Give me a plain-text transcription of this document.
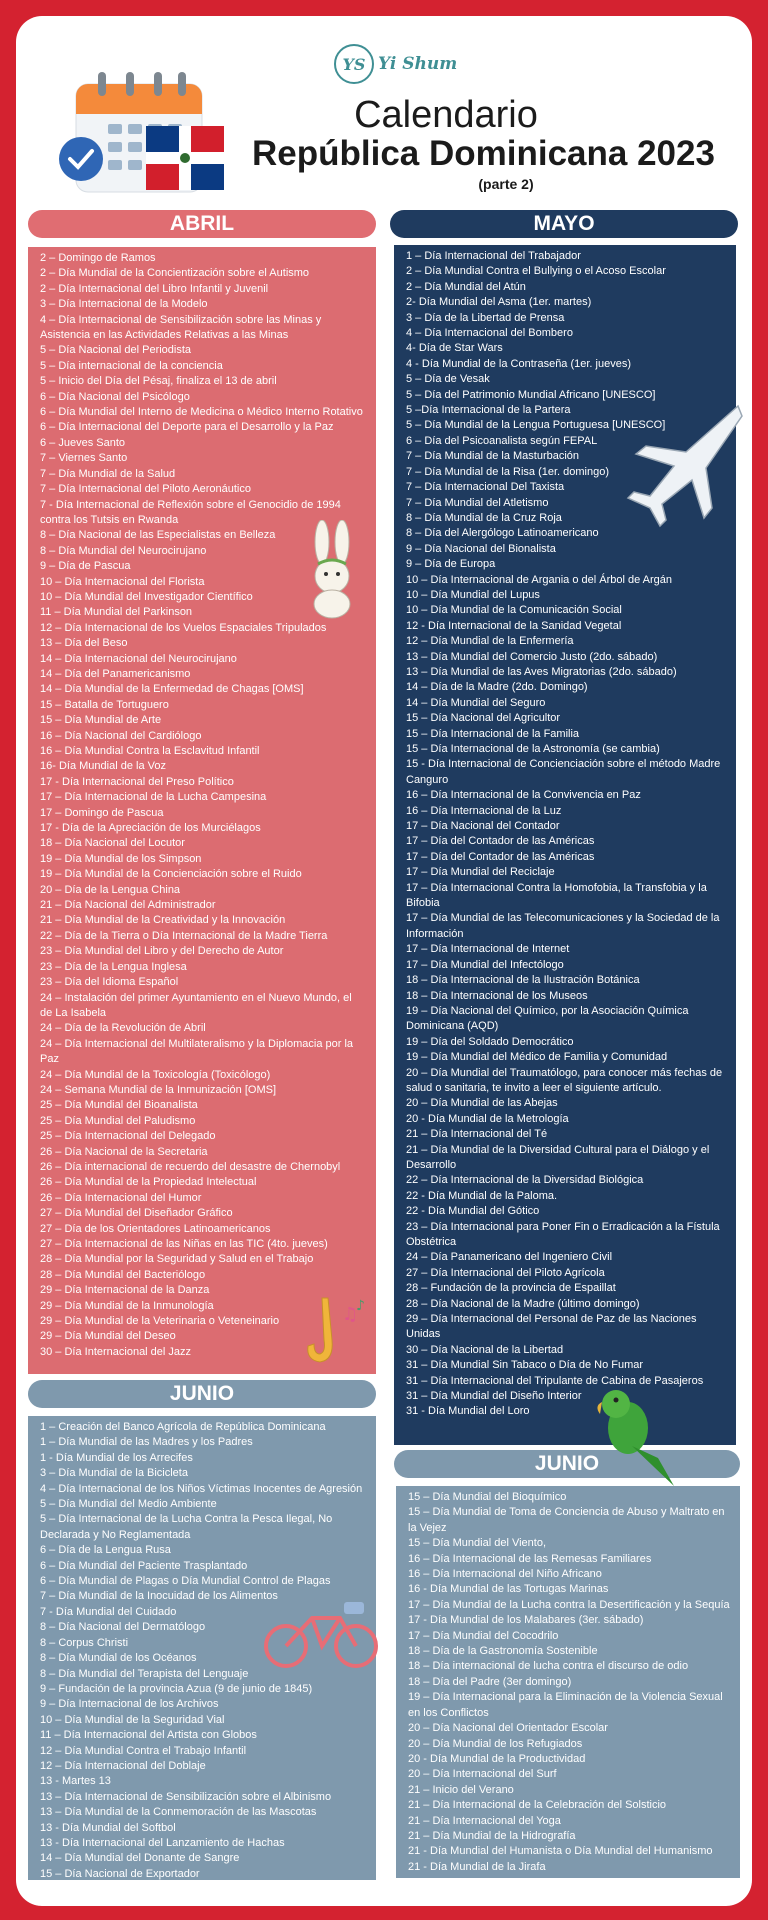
YS Yi Shum
Calendario
República Dominicana 2023
(parte 2)
ABRIL
2 – Domingo de Ramos
2 – Día Mundial de la Concientización sobre el Autismo
2 – Día Internacional del Libro Infantil y Juvenil
3 – Día Internacional de la Modelo
4 – Día Internacional de Sensibilización sobre las Minas y Asistencia en las Actividades Relativas a las Minas
5 – Día Nacional del Periodista
5 – Día internacional de la conciencia
5 – Inicio del Día del Pésaj, finaliza el 13 de abril
6 – Día Nacional del Psicólogo
6 – Día Mundial del Interno de Medicina o Médico Interno Rotativo
6 – Día Internacional del Deporte para el Desarrollo y la Paz
6 – Jueves Santo
7 – Viernes Santo
7 – Día Mundial de la Salud
7 – Día Internacional del Piloto Aeronáutico
7 - Día Internacional de Reflexión sobre el Genocidio de 1994 contra los Tutsis en Rwanda
8 – Día Nacional de las Especialistas en Belleza
8 – Día Mundial del Neurocirujano
9 – Día de Pascua
10 – Día Internacional del Florista
10 – Día Mundial del Investigador Científico
11 – Día Mundial del Parkinson
12 – Día Internacional de los Vuelos Espaciales Tripulados
13 – Día del Beso
14 – Día Internacional del Neurocirujano
14 – Día del Panamericanismo
14 – Día Mundial de la Enfermedad de Chagas [OMS]
15 – Batalla de Tortuguero
15 – Día Mundial de Arte
16 – Día Nacional del Cardiólogo
16 – Día Mundial Contra la Esclavitud Infantil
16- Día Mundial de la Voz
17 - Día Internacional del Preso Político
17 – Día Internacional de la Lucha Campesina
17 – Domingo de Pascua
17 - Día de la Apreciación de los Murciélagos
18 – Día Nacional del Locutor
19 – Día Mundial de los Simpson
19 – Día Mundial de la Concienciación sobre el Ruido
20 – Día de la Lengua China
21 – Día Nacional del Administrador
21 – Día Mundial de la Creatividad y la Innovación
22 – Día de la Tierra o Día Internacional de la Madre Tierra
23 – Día Mundial del Libro y del Derecho de Autor
23 – Día de la Lengua Inglesa
23 – Día del Idioma Español
24 – Instalación del primer Ayuntamiento en el Nuevo Mundo, el de La Isabela
24 – Día de la Revolución de Abril
24 – Día Internacional del Multilateralismo y la Diplomacia por la Paz
24 – Día Mundial de la Toxicología (Toxicólogo)
24 – Semana Mundial de la Inmunización [OMS]
25 – Día Mundial del Bioanalista
25 – Día Mundial del Paludismo
25 – Día Internacional del Delegado
26 – Día Nacional de la Secretaria
26 – Día internacional de recuerdo del desastre de Chernobyl
26 – Día Mundial de la Propiedad Intelectual
26 – Día Internacional del Humor
27 – Día Mundial del Diseñador Gráfico
27 – Día de los Orientadores Latinoamericanos
27 – Día Internacional de las Niñas en las TIC (4to. jueves)
28 – Día Mundial por la Seguridad y Salud en el Trabajo
28 – Día Mundial del Bacteriólogo
29 – Día Internacional de la Danza
29 – Día Mundial de la Inmunología
29 – Día Mundial de la Veterinaria o Veteneinario
29 – Día Mundial del Deseo
30 – Día Internacional del Jazz
MAYO
1 – Día Internacional del Trabajador
2 – Día Mundial Contra el Bullying o el Acoso Escolar
2 – Día Mundial del Atún
2- Día Mundial del Asma (1er. martes)
3 – Día de la Libertad de Prensa
4 – Día Internacional del Bombero
4- Día de Star Wars
4 - Día Mundial de la Contraseña (1er. jueves)
5 – Día de Vesak
5 – Día del Patrimonio Mundial Africano [UNESCO]
5 –Día Internacional de la Partera
5 – Día Mundial de la Lengua Portuguesa [UNESCO]
6 – Día del Psicoanalista según FEPAL
7 – Día Mundial de la Masturbación
7 – Día Mundial de la Risa (1er. domingo)
7 – Día Internacional Del Taxista
7 – Día Mundial del Atletismo
8 – Día Mundial de la Cruz Roja
8 – Día del Alergólogo Latinoamericano
9 – Día Nacional del Bionalista
9 – Día de Europa
10 – Día Internacional de Argania o del Árbol de Argán
10 – Día Mundial del Lupus
10 – Día Mundial de la Comunicación Social
12 - Día Internacional de la Sanidad Vegetal
12 – Día Mundial de la Enfermería
13 – Día Mundial del Comercio Justo (2do. sábado)
13 – Día Mundial de las Aves Migratorias (2do. sábado)
14 – Día de la Madre (2do. Domingo)
14 – Día Mundial del Seguro
15 – Día Nacional del Agricultor
15 – Día Internacional de la Familia
15 – Día Internacional de la Astronomía (se cambia)
15 - Día Internacional de Concienciación sobre el método Madre Canguro
16 – Día Internacional de la Convivencia en Paz
16 – Día Internacional de la Luz
17 – Día Nacional del Contador
17 – Día del Contador de las Américas
17 – Día del Contador de las Américas
17 – Día Mundial del Reciclaje
17 – Día Internacional Contra la Homofobia, la Transfobia y la Bifobia
17 – Día Mundial de las Telecomunicaciones y la Sociedad de la Información
17 – Día Internacional de Internet
17 – Día Mundial del Infectólogo
18 – Día Internacional de la Ilustración Botánica
18 – Día Internacional de los Museos
19 – Día Nacional del Químico, por la Asociación Química Dominicana (AQD)
19 – Día del Soldado Democrático
19 – Día Mundial del Médico de Familia y Comunidad
20 – Día Mundial del Traumatólogo, para conocer más fechas de salud o sanitaria, te invito a leer el siguiente artículo.
20 – Día Mundial de las Abejas
20 - Día Mundial de la Metrología
21 – Día Internacional del Té
21 – Día Mundial de la Diversidad Cultural para el Diálogo y el Desarrollo
22 – Día Internacional de la Diversidad Biológica
22 - Día Mundial de la Paloma.
22 - Día Mundial del Gótico
23 – Día Internacional para Poner Fin o Erradicación a la Fístula Obstétrica
24 – Día Panamericano del Ingeniero Civil
27 – Día Internacional del Piloto Agrícola
28 – Fundación de la provincia de Espaillat
28 – Día Nacional de la Madre (último domingo)
29 – Día Internacional del Personal de Paz de las Naciones Unidas
30 – Día Nacional de la Libertad
31 – Día Mundial Sin Tabaco o Día de No Fumar
31 – Día Internacional del Tripulante de Cabina de Pasajeros
31 – Día Mundial del Diseño Interior
31 - Día Mundial del Loro
JUNIO
1 – Creación del Banco Agrícola de República Dominicana
1 – Día Mundial de las Madres y los Padres
1 - Día Mundial de los Arrecifes
3 – Día Mundial de la Bicicleta
4 – Día Internacional de los Niños Víctimas Inocentes de Agresión
5 – Día Mundial del Medio Ambiente
5 – Día Internacional de la Lucha Contra la Pesca Ilegal, No Declarada y No Reglamentada
6 – Día de la Lengua Rusa
6 – Día Mundial del Paciente Trasplantado
6 – Día Mundial de Plagas o Día Mundial Control de Plagas
7 – Día Mundial de la Inocuidad de los Alimentos
7 - Día Mundial del Cuidado
8 – Día Nacional del Dermatólogo
8 – Corpus Christi
8 – Día Mundial de los Océanos
8 – Día Mundial del Terapista del Lenguaje
9 – Fundación de la provincia Azua (9 de junio de 1845)
9 – Día Internacional de los Archivos
10 – Día Mundial de la Seguridad Vial
11 – Día Internacional del Artista con Globos
12 – Día Mundial Contra el Trabajo Infantil
12 – Día Internacional del Doblaje
13 - Martes 13
13 – Día Internacional de Sensibilización sobre el Albinismo
13 – Día Mundial de la Conmemoración de las Mascotas
13 - Día Mundial del Softbol
13 - Día Internacional del Lanzamiento de Hachas
14 – Día Mundial del Donante de Sangre
15 – Día Nacional de Exportador
JUNIO
15 – Día Mundial del Bioquímico
15 – Día Mundial de Toma de Conciencia de Abuso y Maltrato en la Vejez
15 – Día Mundial del Viento,
16 – Día Internacional de las Remesas Familiares
16 – Día Internacional del Niño Africano
16 - Día Mundial de las Tortugas Marinas
17 – Día Mundial de la Lucha contra la Desertificación y la Sequía
17 - Día Mundial de los Malabares (3er. sábado)
17 – Día Mundial del Cocodrilo
18 – Día de la Gastronomía Sostenible
18 – Día internacional de lucha contra el discurso de odio
18 – Día del Padre (3er domingo)
19 – Día Internacional para la Eliminación de la Violencia Sexual en los Conflictos
20 – Día Nacional del Orientador Escolar
20 – Día Mundial de los Refugiados
20 - Día Mundial de la Productividad
20 – Día Internacional del Surf
21 – Inicio del Verano
21 – Día Internacional de la Celebración del Solsticio
21 – Día Internacional del Yoga
21 – Día Mundial de la Hidrografía
21 - Día Mundial del Humanista o Día Mundial del Humanismo
21 - Día Mundial de la Jirafa
♫
♪
@YIMINSHUM + WWW.YIMINSHUM.COM
